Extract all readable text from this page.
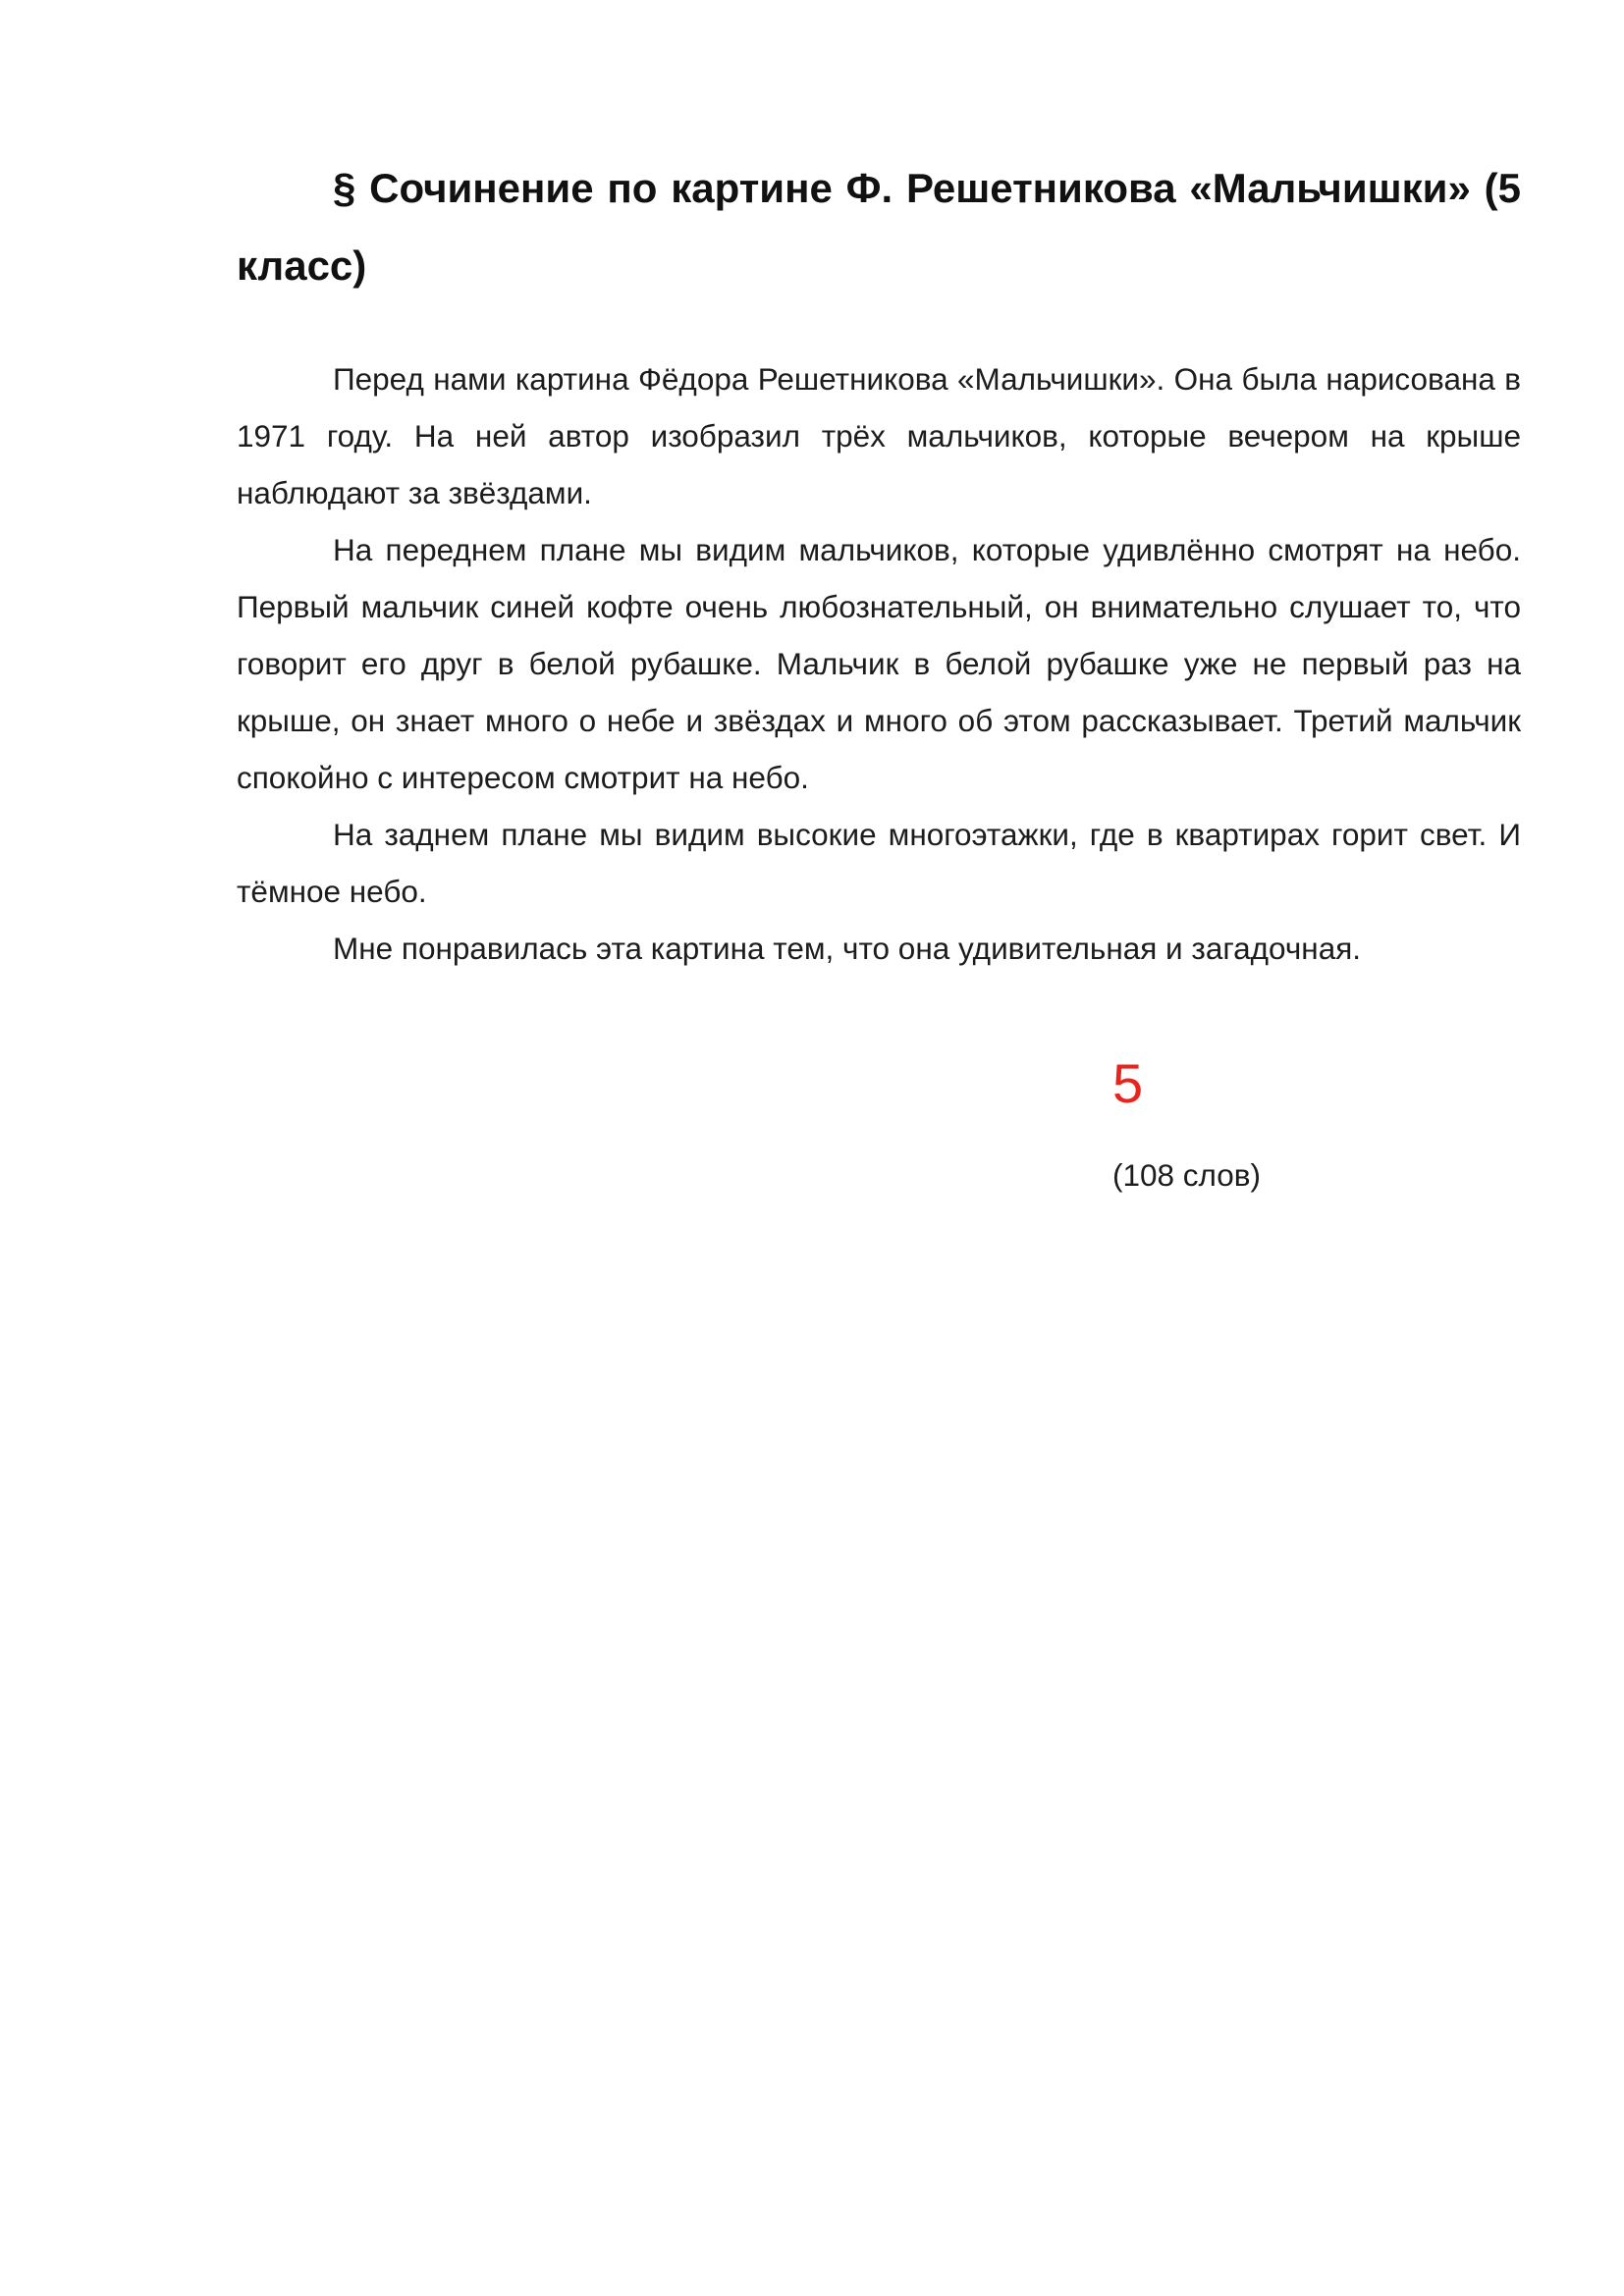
§ Сочинение по картине Ф. Решетникова «Мальчишки» (5 класс)

Перед нами картина Фёдора Решетникова «Мальчишки». Она была нарисована в 1971 году. На ней автор изобразил трёх мальчиков, которые вечером на крыше наблюдают за звёздами.

На переднем плане мы видим мальчиков, которые удивлённо смотрят на небо. Первый мальчик синей кофте очень любознательный, он внимательно слушает то, что говорит его друг в белой рубашке. Мальчик в белой рубашке уже не первый раз на крыше, он знает много о небе и звёздах и много об этом рассказывает. Третий мальчик спокойно с интересом смотрит на небо.

На заднем плане мы видим высокие многоэтажки, где в квартирах горит свет. И тёмное небо.

Мне понравилась эта картина тем, что она удивительная и загадочная.

5
(108 слов)
